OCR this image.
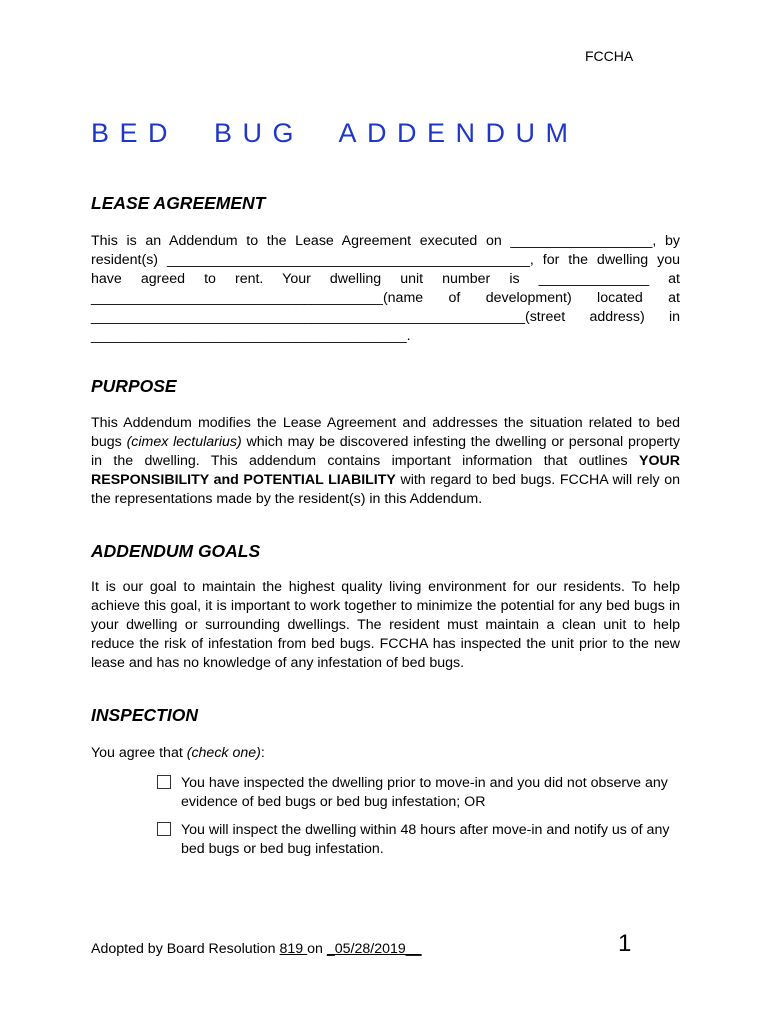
FCCHA
BED  BUG  ADDENDUM
LEASE AGREEMENT
This is an Addendum to the Lease Agreement executed on __________________, by
resident(s) ______________________________________________, for the dwelling you
have agreed to rent. Your dwelling unit number is ______________ at
_____________________________________(name of development) located at
_______________________________________________________(street address) in
________________________________________.
PURPOSE
This Addendum modifies the Lease Agreement and addresses the situation related to bed bugs (cimex lectularius) which may be discovered infesting the dwelling or personal property in the dwelling. This addendum contains important information that outlines YOUR RESPONSIBILITY and POTENTIAL LIABILITY with regard to bed bugs. FCCHA will rely on the representations made by the resident(s) in this Addendum.
ADDENDUM GOALS
It is our goal to maintain the highest quality living environment for our residents. To help achieve this goal, it is important to work together to minimize the potential for any bed bugs in your dwelling or surrounding dwellings. The resident must maintain a clean unit to help reduce the risk of infestation from bed bugs. FCCHA has inspected the unit prior to the new lease and has no knowledge of any infestation of bed bugs.
INSPECTION
You agree that (check one):
You have inspected the dwelling prior to move-in and you did not observe any evidence of bed bugs or bed bug infestation; OR
You will inspect the dwelling within 48 hours after move-in and notify us of any bed bugs or bed bug infestation.
Adopted by Board Resolution 819 on _05/28/2019__	1
